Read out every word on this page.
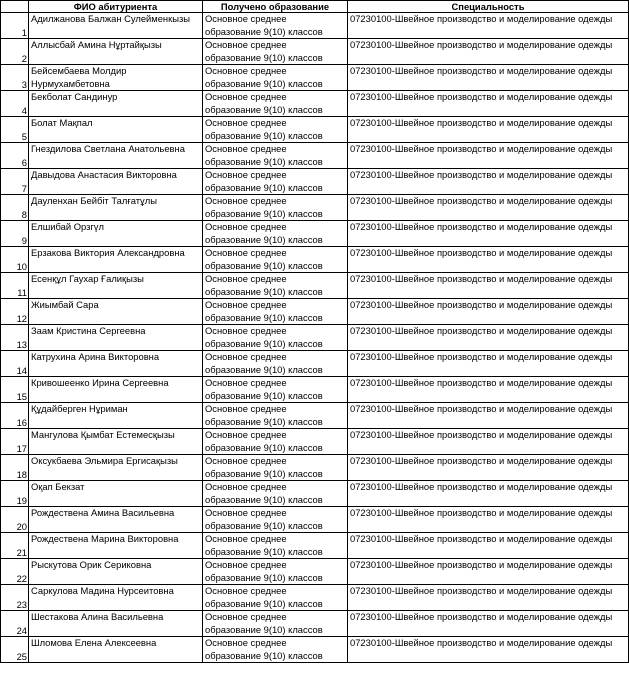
	ФИО абитуриента	Получено образование	Специальность
1	Адилжанова Балжан Сулейменкызы	Основное среднее образование 9(10) классов	07230100-Швейное производство и моделирование одежды
2	Аллысбай Амина Нұртайқызы	Основное среднее образование 9(10) классов	07230100-Швейное производство и моделирование одежды
3	Бейсембаева Молдир Нурмухамбетовна	Основное среднее образование 9(10) классов	07230100-Швейное производство и моделирование одежды
4	Бекболат Сандинур	Основное среднее образование 9(10) классов	07230100-Швейное производство и моделирование одежды
5	Болат Мақпал	Основное среднее образование 9(10) классов	07230100-Швейное производство и моделирование одежды
6	Гнездилова Светлана Анатольевна	Основное среднее образование 9(10) классов	07230100-Швейное производство и моделирование одежды
7	Давыдова Анастасия Викторовна	Основное среднее образование 9(10) классов	07230100-Швейное производство и моделирование одежды
8	Дауленхан Бейбіт Талғатұлы	Основное среднее образование 9(10) классов	07230100-Швейное производство и моделирование одежды
9	Елшибай Орзгүл	Основное среднее образование 9(10) классов	07230100-Швейное производство и моделирование одежды
10	Ерзакова Виктория Александровна	Основное среднее образование 9(10) классов	07230100-Швейное производство и моделирование одежды
11	Есенқұл Гаухар Ғалиқызы	Основное среднее образование 9(10) классов	07230100-Швейное производство и моделирование одежды
12	Жиымбай Сара	Основное среднее образование 9(10) классов	07230100-Швейное производство и моделирование одежды
13	Заам Кристина Сергеевна	Основное среднее образование 9(10) классов	07230100-Швейное производство и моделирование одежды
14	Катрухина Арина Викторовна	Основное среднее образование 9(10) классов	07230100-Швейное производство и моделирование одежды
15	Кривошеенко Ирина Сергеевна	Основное среднее образование 9(10) классов	07230100-Швейное производство и моделирование одежды
16	Құдайберген Нұриман	Основное среднее образование 9(10) классов	07230100-Швейное производство и моделирование одежды
17	Мангулова Қымбат Естемесқызы	Основное среднее образование 9(10) классов	07230100-Швейное производство и моделирование одежды
18	Оксукбаева Эльмира Ергисақызы	Основное среднее образование 9(10) классов	07230100-Швейное производство и моделирование одежды
19	Оқап Бекзат	Основное среднее образование 9(10) классов	07230100-Швейное производство и моделирование одежды
20	Рождествена Амина Васильевна	Основное среднее образование 9(10) классов	07230100-Швейное производство и моделирование одежды
21	Рождествена Марина Викторовна	Основное среднее образование 9(10) классов	07230100-Швейное производство и моделирование одежды
22	Рыскутова Орик Сериковна	Основное среднее образование 9(10) классов	07230100-Швейное производство и моделирование одежды
23	Саркулова Мадина Нурсеитовна	Основное среднее образование 9(10) классов	07230100-Швейное производство и моделирование одежды
24	Шестакова Алина Васильевна	Основное среднее образование 9(10) классов	07230100-Швейное производство и моделирование одежды
25	Шломова Елена Алексеевна	Основное среднее образование 9(10) классов	07230100-Швейное производство и моделирование одежды
